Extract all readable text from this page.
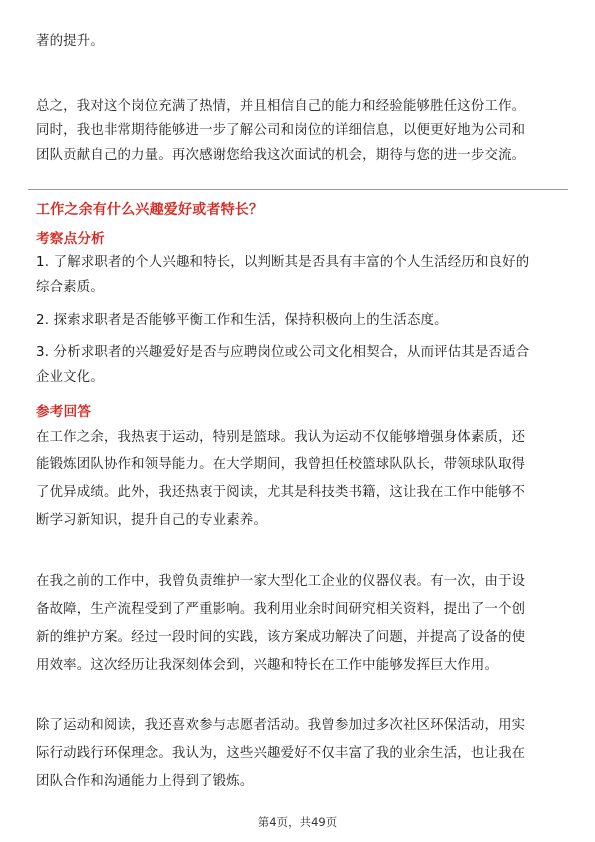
著的提升。
总之，我对这个岗位充满了热情，并且相信自己的能力和经验能够胜任这份工作。
同时，我也非常期待能够进一步了解公司和岗位的详细信息，以便更好地为公司和
团队贡献自己的力量。再次感谢您给我这次面试的机会，期待与您的进一步交流。
工作之余有什么兴趣爱好或者特长？
考察点分析
1. 了解求职者的个人兴趣和特长，以判断其是否具有丰富的个人生活经历和良好的
综合素质。
2. 探索求职者是否能够平衡工作和生活，保持积极向上的生活态度。
3. 分析求职者的兴趣爱好是否与应聘岗位或公司文化相契合，从而评估其是否适合
企业文化。
参考回答
在工作之余，我热衷于运动，特别是篮球。我认为运动不仅能够增强身体素质，还
能锻炼团队协作和领导能力。在大学期间，我曾担任校篮球队队长，带领球队取得
了优异成绩。此外，我还热衷于阅读，尤其是科技类书籍，这让我在工作中能够不
断学习新知识，提升自己的专业素养。
在我之前的工作中，我曾负责维护一家大型化工企业的仪器仪表。有一次，由于设
备故障，生产流程受到了严重影响。我利用业余时间研究相关资料，提出了一个创
新的维护方案。经过一段时间的实践，该方案成功解决了问题，并提高了设备的使
用效率。这次经历让我深刻体会到，兴趣和特长在工作中能够发挥巨大作用。
除了运动和阅读，我还喜欢参与志愿者活动。我曾参加过多次社区环保活动，用实
际行动践行环保理念。我认为，这些兴趣爱好不仅丰富了我的业余生活，也让我在
团队合作和沟通能力上得到了锻炼。
第4页，共49页
